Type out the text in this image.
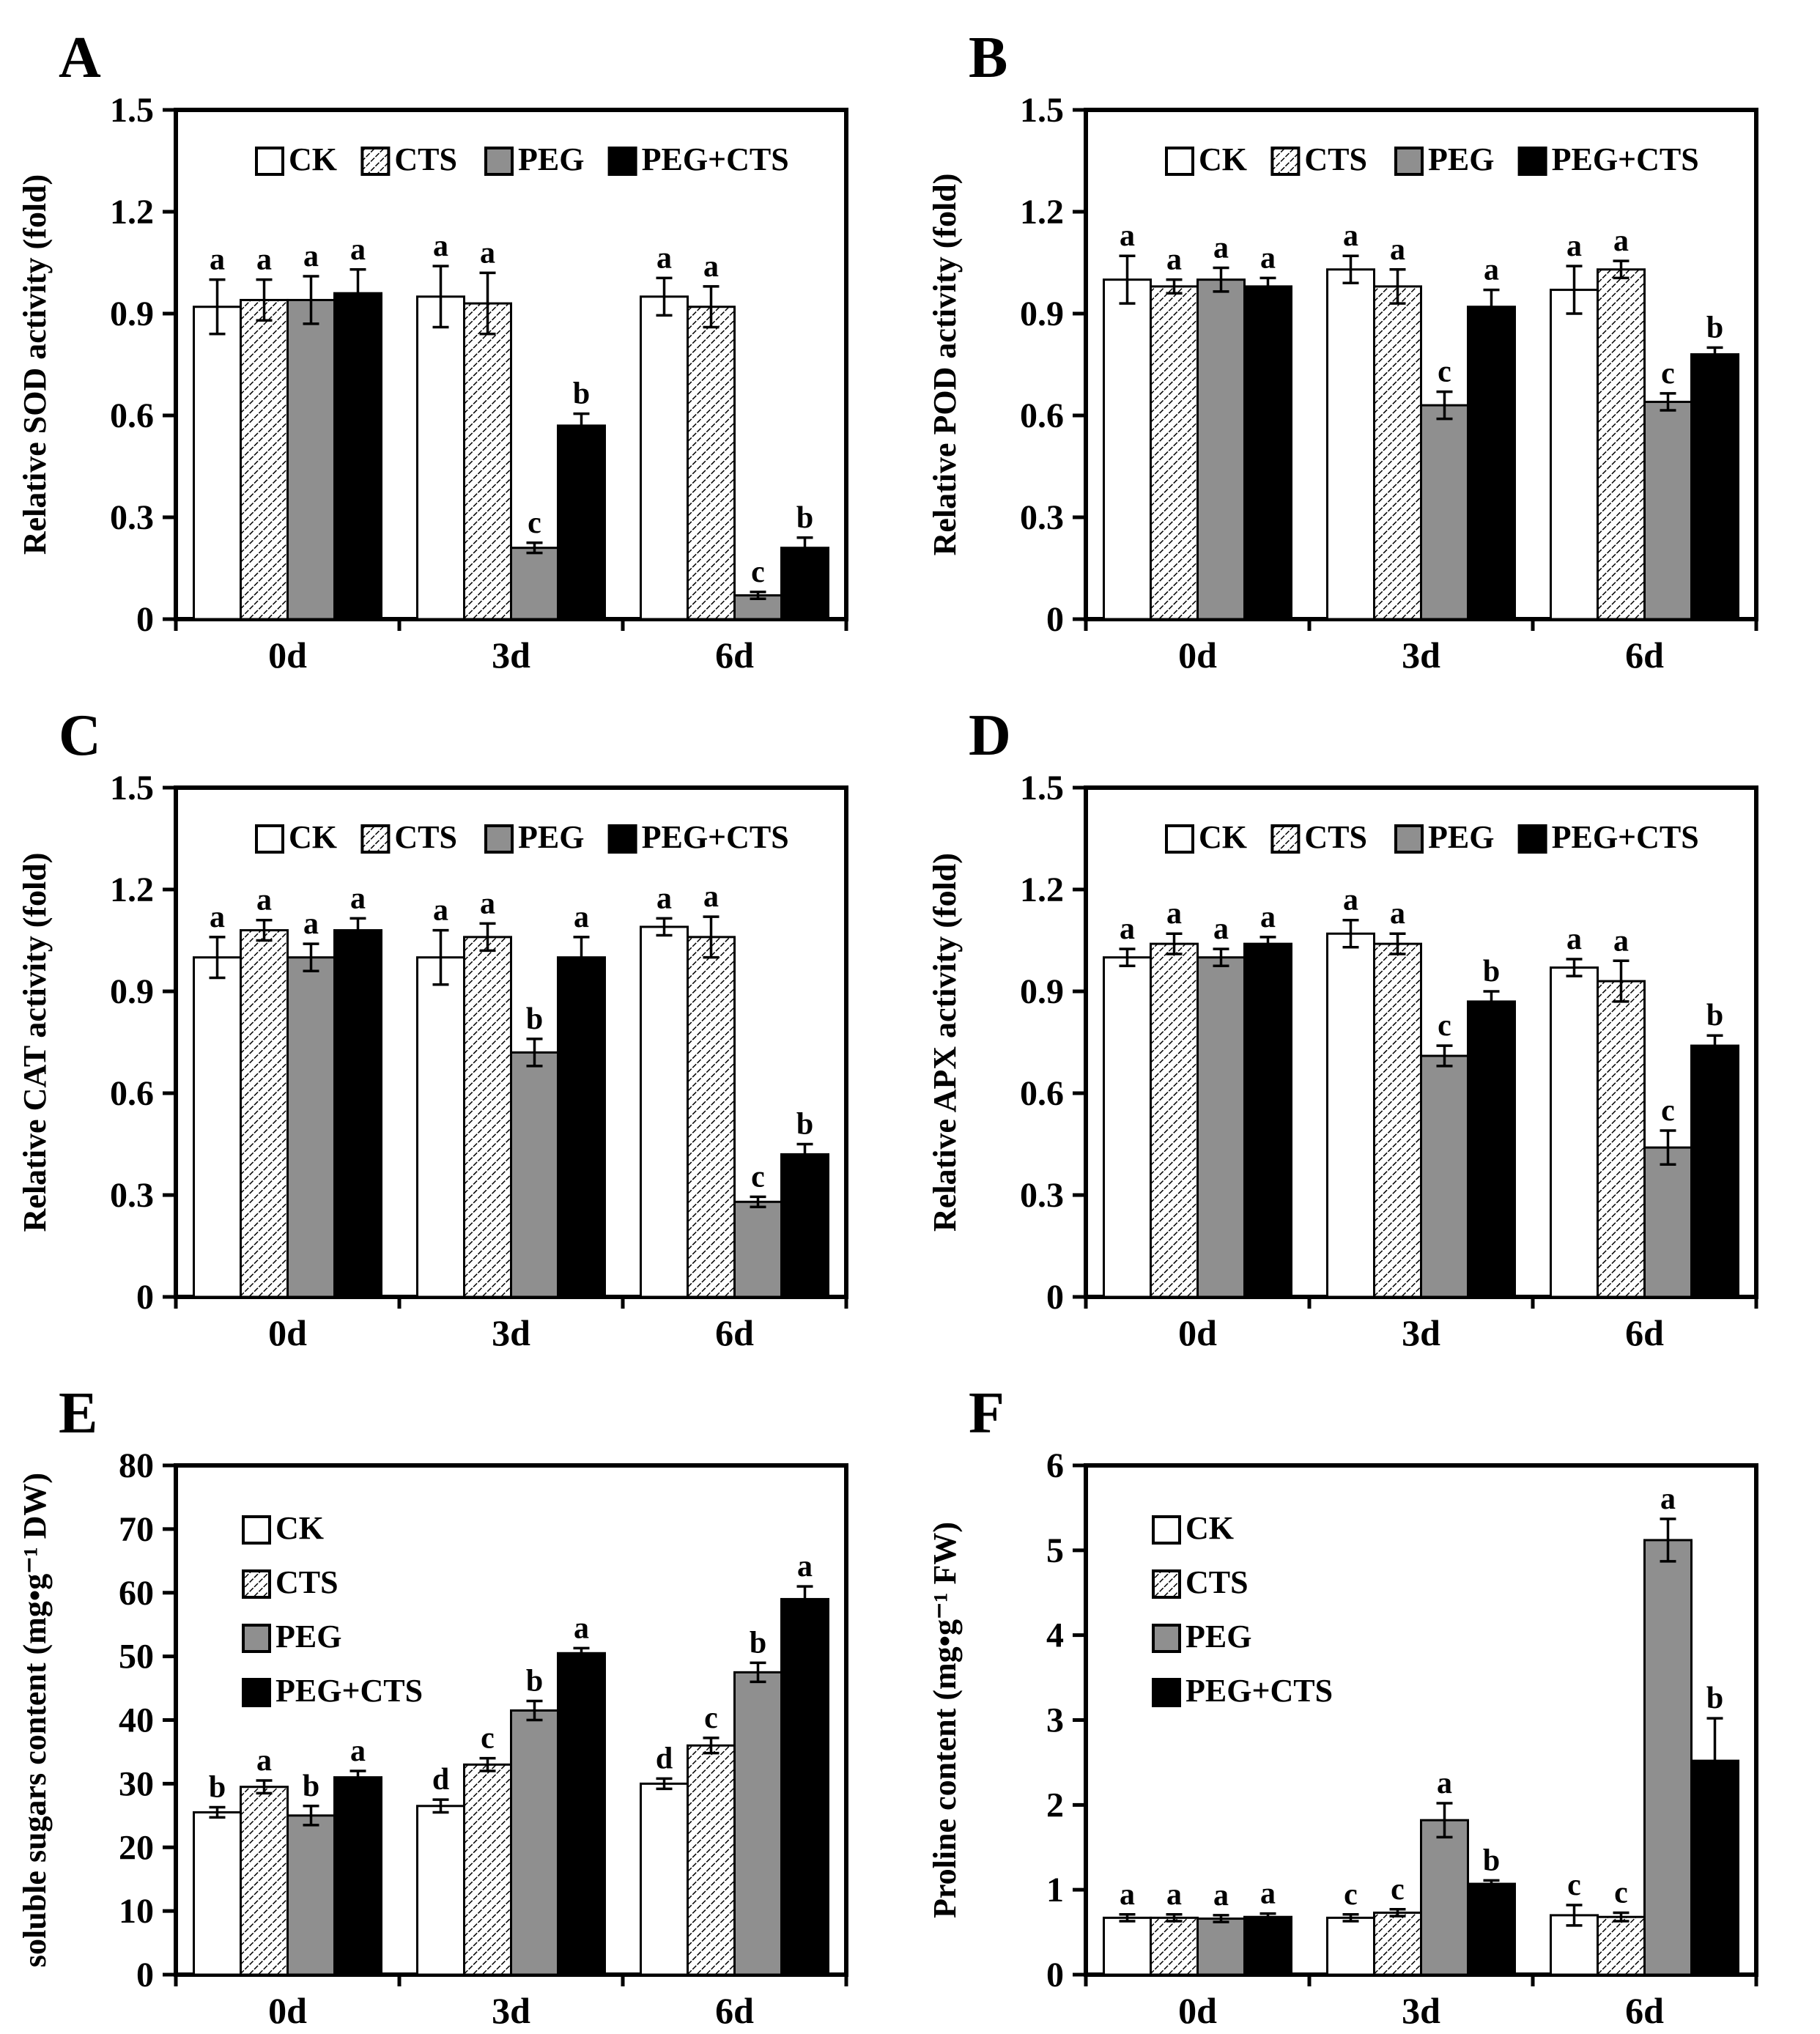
A
0
0.3
0.6
0.9
1.2
1.5
Relative SOD activity (fold)
0d	3d	6d
CK CTS PEG PEG+CTS
a	a	a
a	a	a
a
c
c
a
b
b
B
0
0.3
0.6
0.9
1.2
1.5
Relative POD activity (fold)
0d	3d	6d
CK CTS PEG PEG+CTS
a	a	a
a	a	a
a
c	c
a	a
b
C
0
0.3
0.6
0.9
1.2
1.5
Relative CAT activity (fold)
0d	3d	6d
CK CTS PEG PEG+CTS
a	a	a
a	a	a
a
b
c
a
a
b
D
0
0.3
0.6
0.9
1.2
1.5
Relative APX activity (fold)
0d	3d	6d
CK CTS PEG PEG+CTS
a
a
a
a	a
a
a
c
c
a
b
b
E
0
10
20
30
40
50
60
70
80
soluble sugars content (mg•g⁻¹ DW)
0d	3d	6d
CK
CTS
PEG
PEG+CTS
b	d
d
a
c
c
b
b
b
a
a
a
F
0
1
2
3
4
5
6
Proline content (mg•g⁻¹ FW)
0d	3d	6d
CK
CTS
PEG
PEG+CTS
a	c	c
a	c	c
a
a
a
a
b
b
